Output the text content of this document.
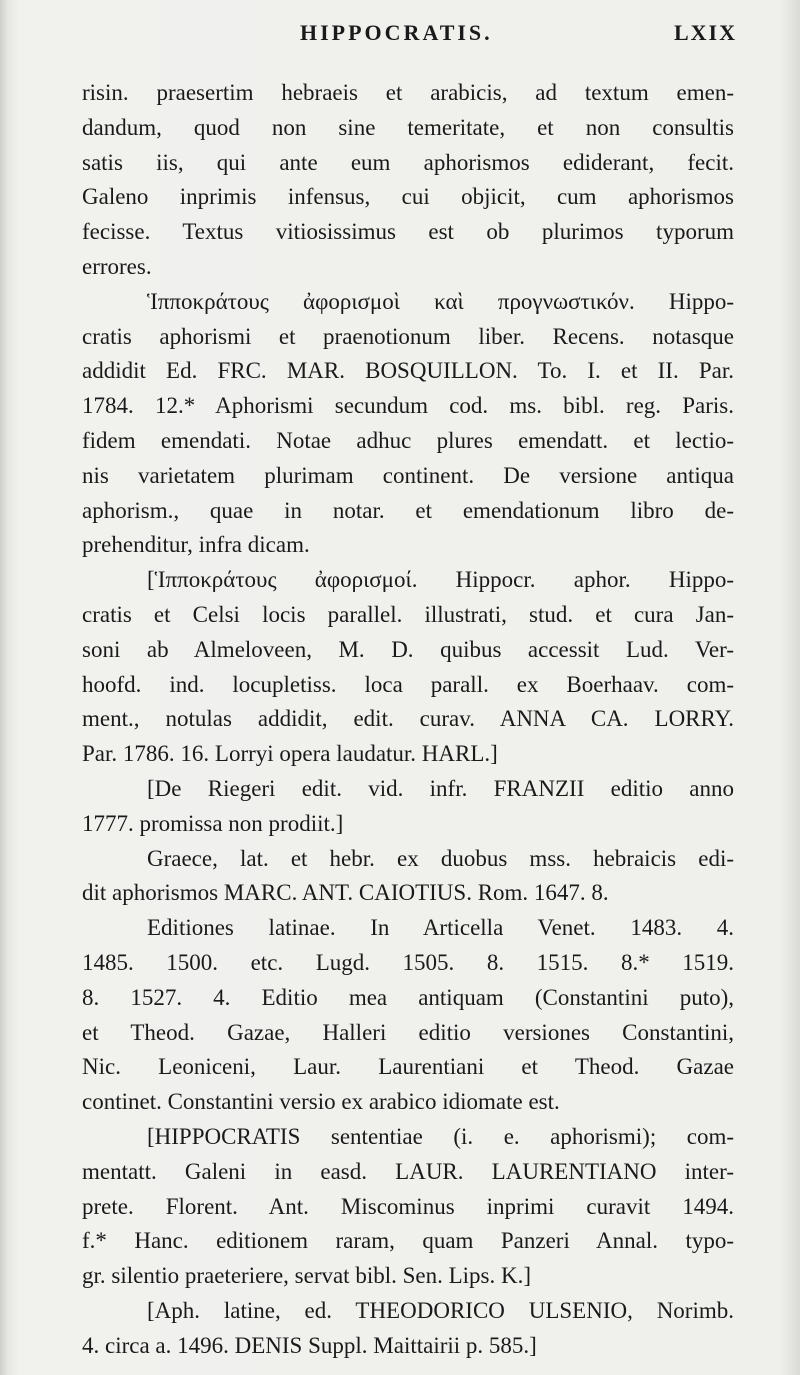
HIPPOCRATIS.	LXIX
risin. praesertim hebraeis et arabicis, ad textum emen-
dandum, quod non sine temeritate, et non consultis
satis iis, qui ante eum aphorismos ediderant, fecit.
Galeno inprimis infensus, cui objicit, cum aphorismos
fecisse. Textus vitiosissimus est ob plurimos typorum
errores.
Ἱπποκράτους ἀφορισμοὶ καὶ προγνωστικόν. Hippo-
cratis aphorismi et praenotionum liber. Recens. notasque
addidit Ed. FRC. MAR. BOSQUILLON. To. I. et II. Par.
1784. 12.* Aphorismi secundum cod. ms. bibl. reg. Paris.
fidem emendati. Notae adhuc plures emendatt. et lectio-
nis varietatem plurimam continent. De versione antiqua
aphorism., quae in notar. et emendationum libro de-
prehenditur, infra dicam.
[Ἱπποκράτους ἀφορισμοί. Hippocr. aphor. Hippo-
cratis et Celsi locis parallel. illustrati, stud. et cura Jan-
soni ab Almeloveen, M. D. quibus accessit Lud. Ver-
hoofd. ind. locupletiss. loca parall. ex Boerhaav. com-
ment., notulas addidit, edit. curav. ANNA CA. LORRY.
Par. 1786. 16. Lorryi opera laudatur. HARL.]
[De Riegeri edit. vid. infr. FRANZII editio anno
1777. promissa non prodiit.]
Graece, lat. et hebr. ex duobus mss. hebraicis edi-
dit aphorismos MARC. ANT. CAIOTIUS. Rom. 1647. 8.
Editiones latinae. In Articella Venet. 1483. 4.
1485. 1500. etc. Lugd. 1505. 8. 1515. 8.* 1519.
8. 1527. 4. Editio mea antiquam (Constantini puto),
et Theod. Gazae, Halleri editio versiones Constantini,
Nic. Leoniceni, Laur. Laurentiani et Theod. Gazae
continet. Constantini versio ex arabico idiomate est.
[HIPPOCRATIS sententiae (i. e. aphorismi); com-
mentatt. Galeni in easd. LAUR. LAURENTIANO inter-
prete. Florent. Ant. Miscominus inprimi curavit 1494.
f.* Hanc. editionem raram, quam Panzeri Annal. typo-
gr. silentio praeteriere, servat bibl. Sen. Lips. K.]
[Aph. latine, ed. THEODORICO ULSENIO, Norimb.
4. circa a. 1496. DENIS Suppl. Maittairii p. 585.]
